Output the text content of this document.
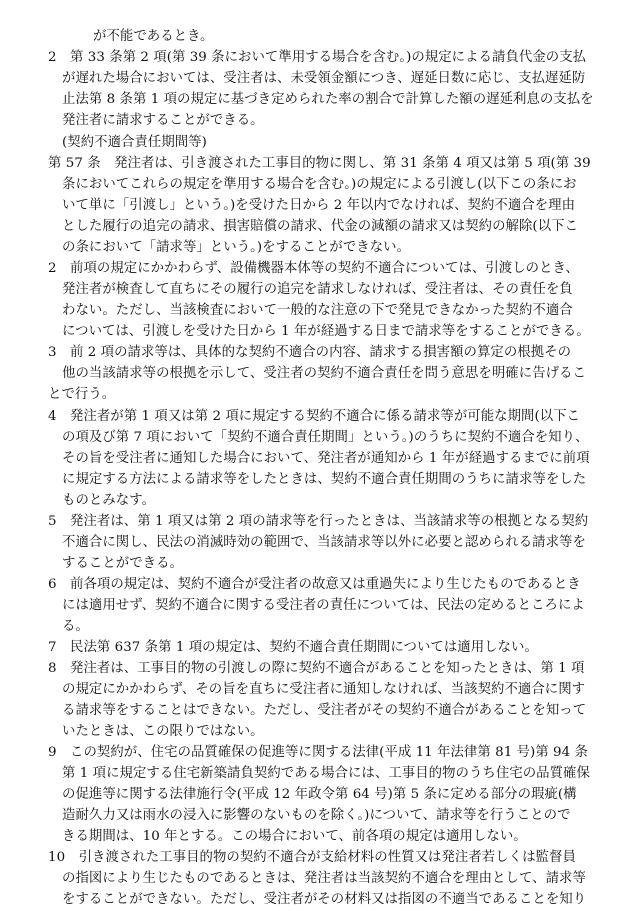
が不能であるとき。
2　第 33 条第 2 項(第 39 条において準用する場合を含む。)の規定による請負代金の支払
が遅れた場合においては、受注者は、未受領金額につき、遅延日数に応じ、支払遅延防
止法第 8 条第 1 項の規定に基づき定められた率の割合で計算した額の遅延利息の支払を
発注者に請求することができる。
(契約不適合責任期間等)
第 57 条　発注者は、引き渡された工事目的物に関し、第 31 条第 4 項又は第 5 項(第 39
条においてこれらの規定を準用する場合を含む。)の規定による引渡し(以下この条にお
いて単に「引渡し」という。)を受けた日から 2 年以内でなければ、契約不適合を理由
とした履行の追完の請求、損害賠償の請求、代金の減額の請求又は契約の解除(以下こ
の条において「請求等」という。)をすることができない。
2　前項の規定にかかわらず、設備機器本体等の契約不適合については、引渡しのとき、
発注者が検査して直ちにその履行の追完を請求しなければ、受注者は、その責任を負
わない。ただし、当該検査において一般的な注意の下で発見できなかった契約不適合
については、引渡しを受けた日から 1 年が経過する日まで請求等をすることができる。
3　前 2 項の請求等は、具体的な契約不適合の内容、請求する損害額の算定の根拠その
他の当該請求等の根拠を示して、受注者の契約不適合責任を問う意思を明確に告げるこ
とで行う。
4　発注者が第 1 項又は第 2 項に規定する契約不適合に係る請求等が可能な期間(以下こ
の項及び第 7 項において「契約不適合責任期間」という。)のうちに契約不適合を知り、
その旨を受注者に通知した場合において、発注者が通知から 1 年が経過するまでに前項
に規定する方法による請求等をしたときは、契約不適合責任期間のうちに請求等をした
ものとみなす。
5　発注者は、第 1 項又は第 2 項の請求等を行ったときは、当該請求等の根拠となる契約
不適合に関し、民法の消滅時効の範囲で、当該請求等以外に必要と認められる請求等を
することができる。
6　前各項の規定は、契約不適合が受注者の故意又は重過失により生じたものであるとき
には適用せず、契約不適合に関する受注者の責任については、民法の定めるところによ
る。
7　民法第 637 条第 1 項の規定は、契約不適合責任期間については適用しない。
8　発注者は、工事目的物の引渡しの際に契約不適合があることを知ったときは、第 1 項
の規定にかかわらず、その旨を直ちに受注者に通知しなければ、当該契約不適合に関す
る請求等をすることはできない。ただし、受注者がその契約不適合があることを知って
いたときは、この限りではない。
9　この契約が、住宅の品質確保の促進等に関する法律(平成 11 年法律第 81 号)第 94 条
第 1 項に規定する住宅新築請負契約である場合には、工事目的物のうち住宅の品質確保
の促進等に関する法律施行令(平成 12 年政令第 64 号)第 5 条に定める部分の瑕疵(構
造耐久力又は雨水の浸入に影響のないものを除く。)について、請求等を行うことので
きる期間は、10 年とする。この場合において、前各項の規定は適用しない。
10　引き渡された工事目的物の契約不適合が支給材料の性質又は発注者若しくは監督員
の指図により生じたものであるときは、発注者は当該契約不適合を理由として、請求等
をすることができない。ただし、受注者がその材料又は指図の不適当であることを知り
